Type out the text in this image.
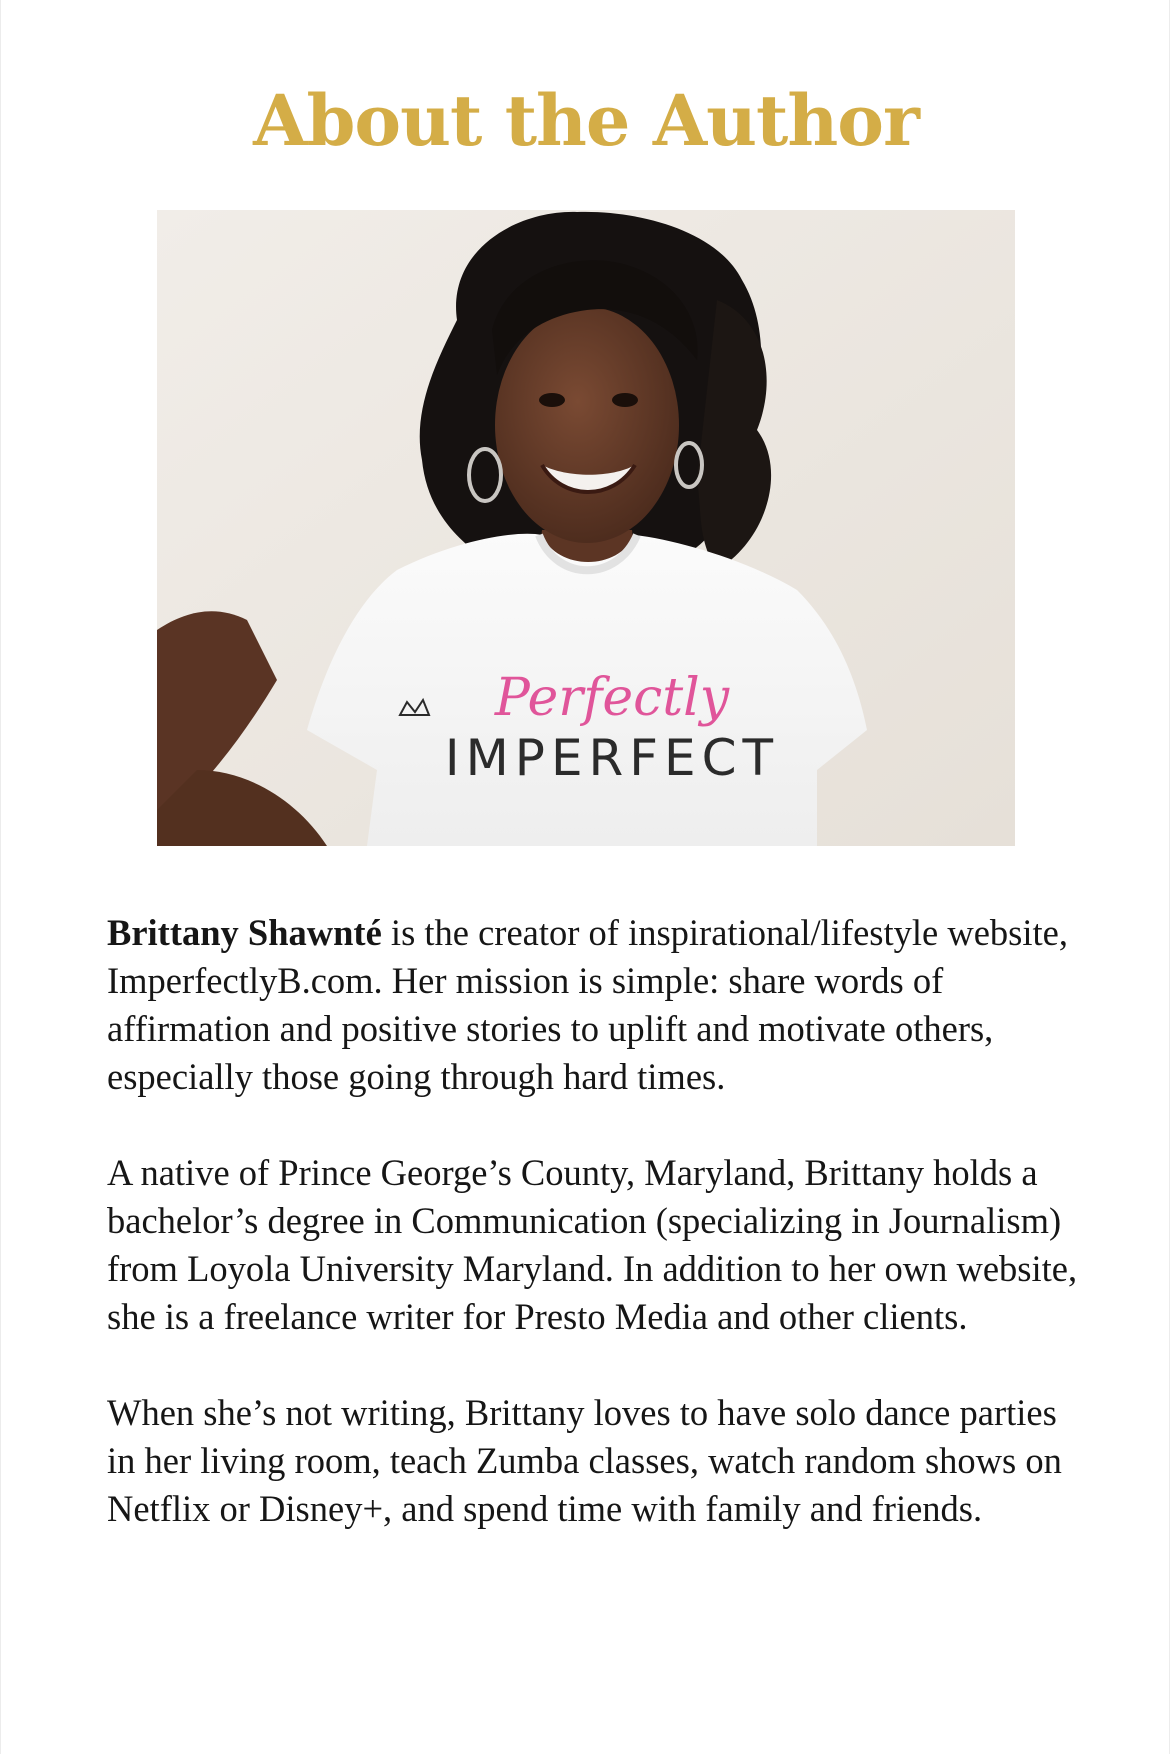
About the Author
Perfectly
IMPERFECT

Brittany Shawnté is the creator of inspirational/lifestyle website, ImperfectlyB.com. Her mission is simple: share words of affirmation and positive stories to uplift and motivate others, especially those going through hard times.

A native of Prince George’s County, Maryland, Brittany holds a bachelor’s degree in Communication (specializing in Journalism) from Loyola University Maryland. In addition to her own website, she is a freelance writer for Presto Media and other clients.

When she’s not writing, Brittany loves to have solo dance parties in her living room, teach Zumba classes, watch random shows on Netflix or Disney+, and spend time with family and friends.
